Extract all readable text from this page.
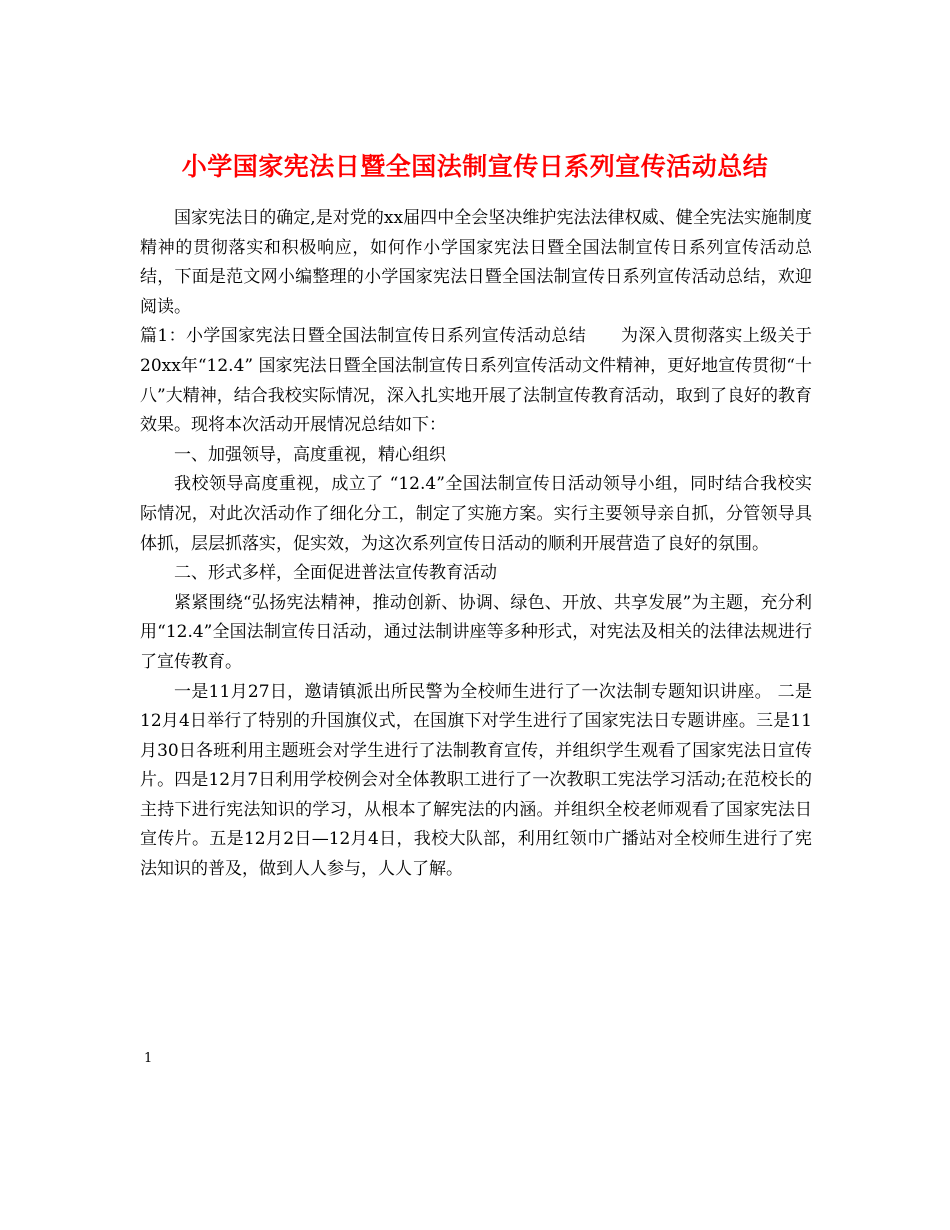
小学国家宪法日暨全国法制宣传日系列宣传活动总结

国家宪法日的确定,是对党的xx届四中全会坚决维护宪法法律权威、健全宪法实施制度精神的贯彻落实和积极响应，如何作小学国家宪法日暨全国法制宣传日系列宣传活动总结，下面是范文网小编整理的小学国家宪法日暨全国法制宣传日系列宣传活动总结，欢迎阅读。

篇1：小学国家宪法日暨全国法制宣传日系列宣传活动总结　　为深入贯彻落实上级关于20xx年“12.4” 国家宪法日暨全国法制宣传日系列宣传活动文件精神，更好地宣传贯彻“十八”大精神，结合我校实际情况，深入扎实地开展了法制宣传教育活动，取到了良好的教育效果。现将本次活动开展情况总结如下：

一、加强领导，高度重视，精心组织

我校领导高度重视，成立了 “12.4”全国法制宣传日活动领导小组，同时结合我校实际情况，对此次活动作了细化分工，制定了实施方案。实行主要领导亲自抓，分管领导具体抓，层层抓落实，促实效，为这次系列宣传日活动的顺利开展营造了良好的氛围。

二、形式多样，全面促进普法宣传教育活动

紧紧围绕“弘扬宪法精神，推动创新、协调、绿色、开放、共享发展”为主题，充分利用“12.4”全国法制宣传日活动，通过法制讲座等多种形式，对宪法及相关的法律法规进行了宣传教育。

一是11月27日，邀请镇派出所民警为全校师生进行了一次法制专题知识讲座。 二是12月4日举行了特别的升国旗仪式，在国旗下对学生进行了国家宪法日专题讲座。三是11月30日各班利用主题班会对学生进行了法制教育宣传，并组织学生观看了国家宪法日宣传片。四是12月7日利用学校例会对全体教职工进行了一次教职工宪法学习活动;在范校长的主持下进行宪法知识的学习，从根本了解宪法的内涵。并组织全校老师观看了国家宪法日宣传片。五是12月2日—12月4日，我校大队部，利用红领巾广播站对全校师生进行了宪法知识的普及，做到人人参与，人人了解。

1
